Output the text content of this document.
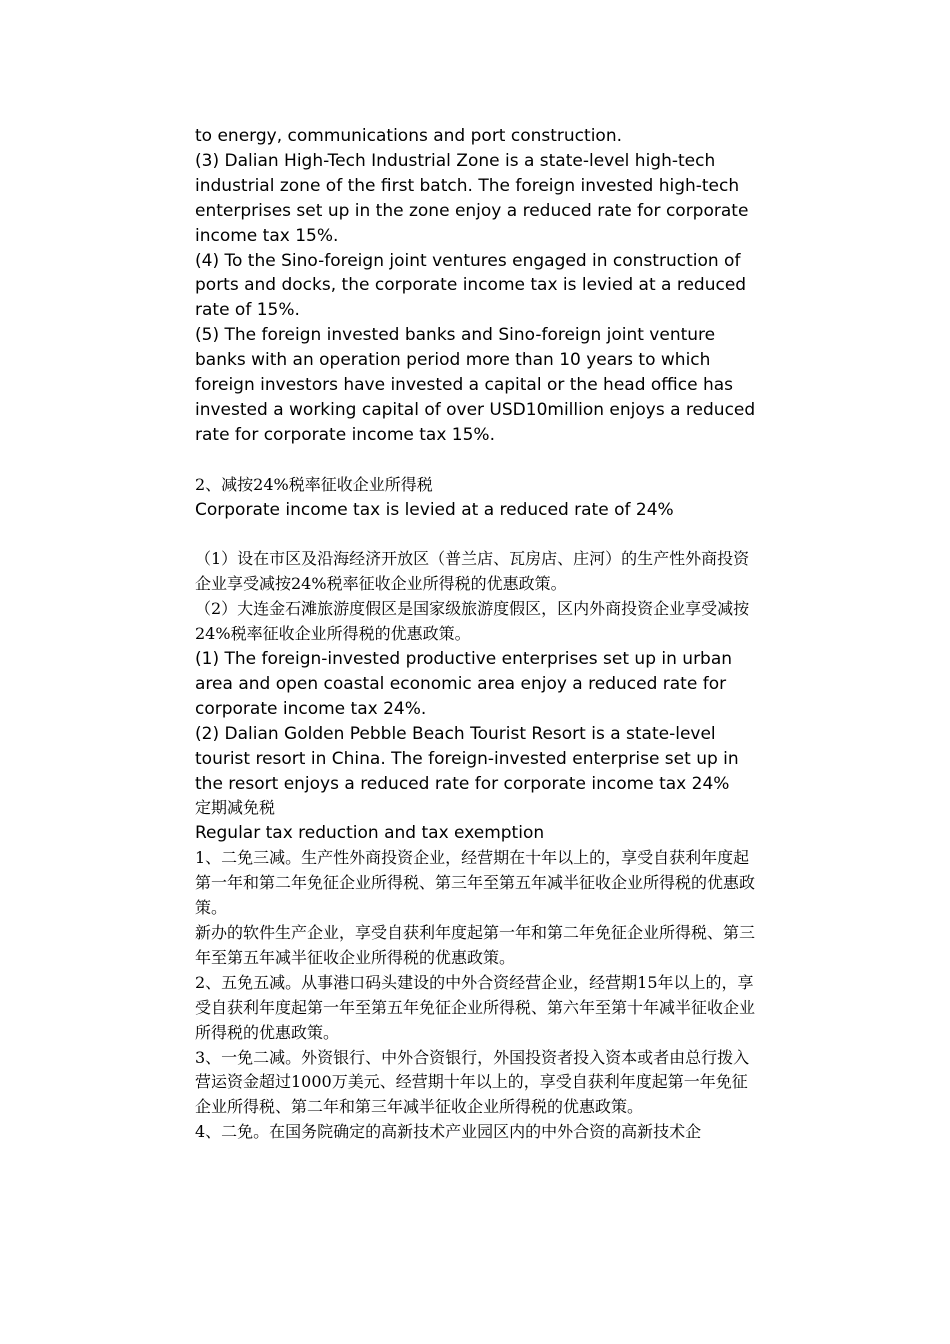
to energy, communications and port construction.

(3) Dalian High-Tech Industrial Zone is a state-level high-tech industrial zone of the first batch. The foreign invested high-tech enterprises set up in the zone enjoy a reduced rate for corporate income tax 15%.

(4) To the Sino-foreign joint ventures engaged in construction of ports and docks, the corporate income tax is levied at a reduced rate of 15%.

(5) The foreign invested banks and Sino-foreign joint venture banks with an operation period more than 10 years to which foreign investors have invested a capital or the head office has invested a working capital of over USD10million enjoys a reduced rate for corporate income tax 15%.

2、减按24%税率征收企业所得税

Corporate income tax is levied at a reduced rate of 24%

（1）设在市区及沿海经济开放区（普兰店、瓦房店、庄河）的生产性外商投资企业享受减按24%税率征收企业所得税的优惠政策。

（2）大连金石滩旅游度假区是国家级旅游度假区，区内外商投资企业享受减按24%税率征收企业所得税的优惠政策。

(1) The foreign-invested productive enterprises set up in urban area and open coastal economic area enjoy a reduced rate for corporate income tax 24%.

(2) Dalian Golden Pebble Beach Tourist Resort is a state-level tourist resort in China. The foreign-invested enterprise set up in the resort enjoys a reduced rate for corporate income tax 24%

定期减免税

Regular tax reduction and tax exemption

1、二免三减。生产性外商投资企业，经营期在十年以上的，享受自获利年度起第一年和第二年免征企业所得税、第三年至第五年减半征收企业所得税的优惠政策。

新办的软件生产企业，享受自获利年度起第一年和第二年免征企业所得税、第三年至第五年减半征收企业所得税的优惠政策。

2、五免五减。从事港口码头建设的中外合资经营企业，经营期15年以上的，享受自获利年度起第一年至第五年免征企业所得税、第六年至第十年减半征收企业所得税的优惠政策。

3、一免二减。外资银行、中外合资银行，外国投资者投入资本或者由总行拨入营运资金超过1000万美元、经营期十年以上的，享受自获利年度起第一年免征企业所得税、第二年和第三年减半征收企业所得税的优惠政策。

4、二免。在国务院确定的高新技术产业园区内的中外合资的高新技术企
